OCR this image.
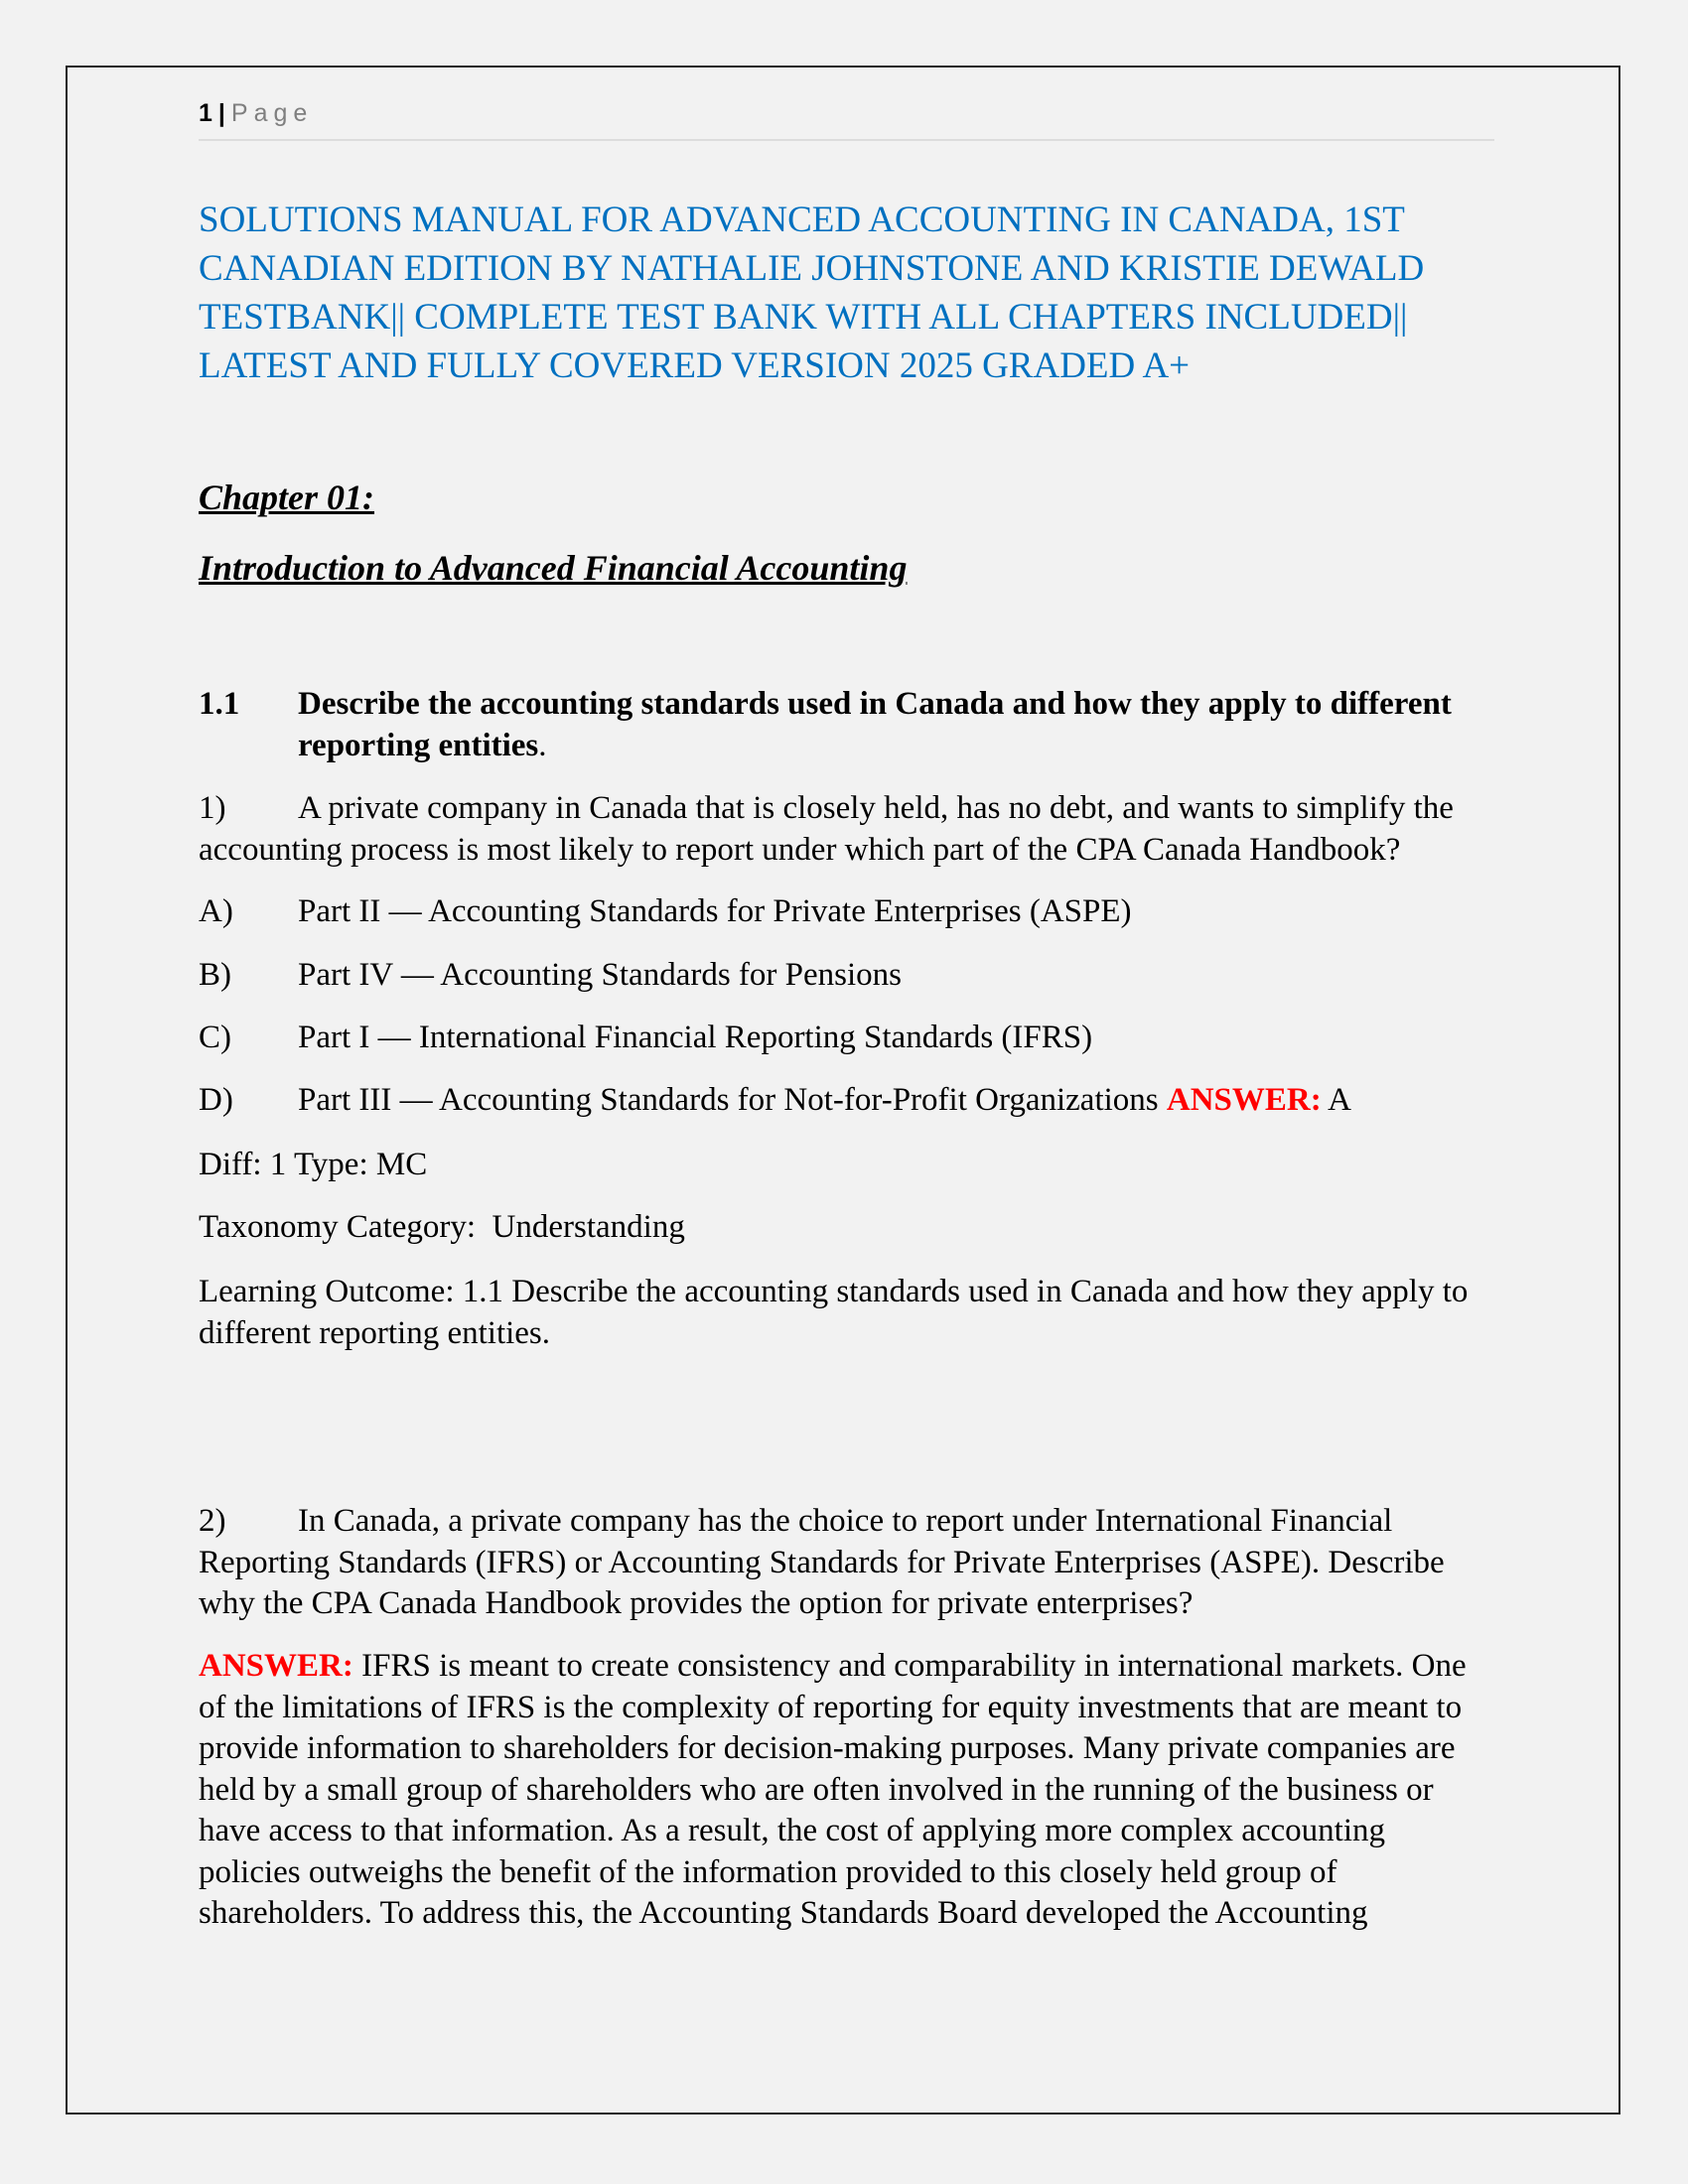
1 | Page
SOLUTIONS MANUAL FOR ADVANCED ACCOUNTING IN CANADA, 1ST CANADIAN EDITION BY NATHALIE JOHNSTONE AND KRISTIE DEWALD TESTBANK|| COMPLETE TEST BANK WITH ALL CHAPTERS INCLUDED|| LATEST AND FULLY COVERED VERSION 2025 GRADED A+
Chapter 01:
Introduction to Advanced Financial Accounting
1.1 Describe the accounting standards used in Canada and how they apply to different reporting entities.
1) A private company in Canada that is closely held, has no debt, and wants to simplify the accounting process is most likely to report under which part of the CPA Canada Handbook?
A) Part II — Accounting Standards for Private Enterprises (ASPE)
B) Part IV — Accounting Standards for Pensions
C) Part I — International Financial Reporting Standards (IFRS)
D) Part III — Accounting Standards for Not-for-Profit Organizations ANSWER: A
Diff: 1 Type: MC
Taxonomy Category:  Understanding
Learning Outcome: 1.1 Describe the accounting standards used in Canada and how they apply to different reporting entities.
2) In Canada, a private company has the choice to report under International Financial Reporting Standards (IFRS) or Accounting Standards for Private Enterprises (ASPE). Describe why the CPA Canada Handbook provides the option for private enterprises?
ANSWER: IFRS is meant to create consistency and comparability in international markets. One of the limitations of IFRS is the complexity of reporting for equity investments that are meant to provide information to shareholders for decision-making purposes. Many private companies are held by a small group of shareholders who are often involved in the running of the business or have access to that information. As a result, the cost of applying more complex accounting policies outweighs the benefit of the information provided to this closely held group of shareholders. To address this, the Accounting Standards Board developed the Accounting
